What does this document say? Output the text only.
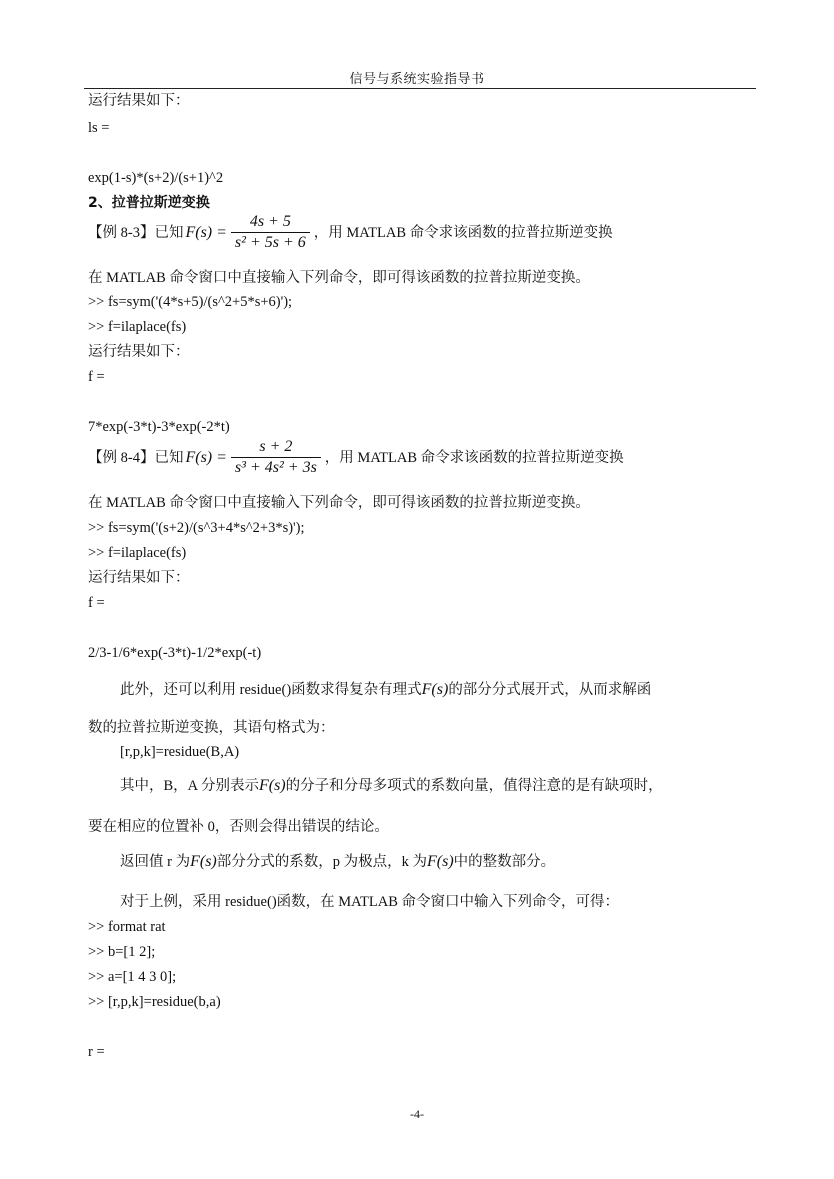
信号与系统实验指导书
运行结果如下：
ls =
exp(1-s)*(s+2)/(s+1)^2
2、拉普拉斯逆变换
【例 8-3】已知 $F(s) = \frac{4s + 5}{\text{s² + 5s + 6}}$ ，用 MATLAB 命令求该函数的拉普拉斯逆变换
在 MATLAB 命令窗口中直接输入下列命令，即可得该函数的拉普拉斯逆变换。
>> fs=sym('(4*s+5)/(s^2+5*s+6)');
>> f=ilaplace(fs)
运行结果如下：
f =
7*exp(-3*t)-3*exp(-2*t)
【例 8-4】已知 $F(s) = \frac{s + 2}{\text{s³ + 4s² + 3s}}$ ，用 MATLAB 命令求该函数的拉普拉斯逆变换
在 MATLAB 命令窗口中直接输入下列命令，即可得该函数的拉普拉斯逆变换。
>> fs=sym('(s+2)/(s^3+4*s^2+3*s)');
>> f=ilaplace(fs)
运行结果如下：
f =
2/3-1/6*exp(-3*t)-1/2*exp(-t)
此外，还可以利用 residue()函数求得复杂有理式F(s)的部分分式展开式，从而求解函
数的拉普拉斯逆变换，其语句格式为：
[r,p,k]=residue(B,A)
其中，B，A 分别表示F(s)的分子和分母多项式的系数向量，值得注意的是有缺项时，
要在相应的位置补 0，否则会得出错误的结论。
返回值 r 为F(s)部分分式的系数，p 为极点，k 为F(s)中的整数部分。
对于上例，采用 residue()函数，在 MATLAB 命令窗口中输入下列命令，可得：
>> format rat
>> b=[1 2];
>> a=[1 4 3 0];
>> [r,p,k]=residue(b,a)
r =
-4-
